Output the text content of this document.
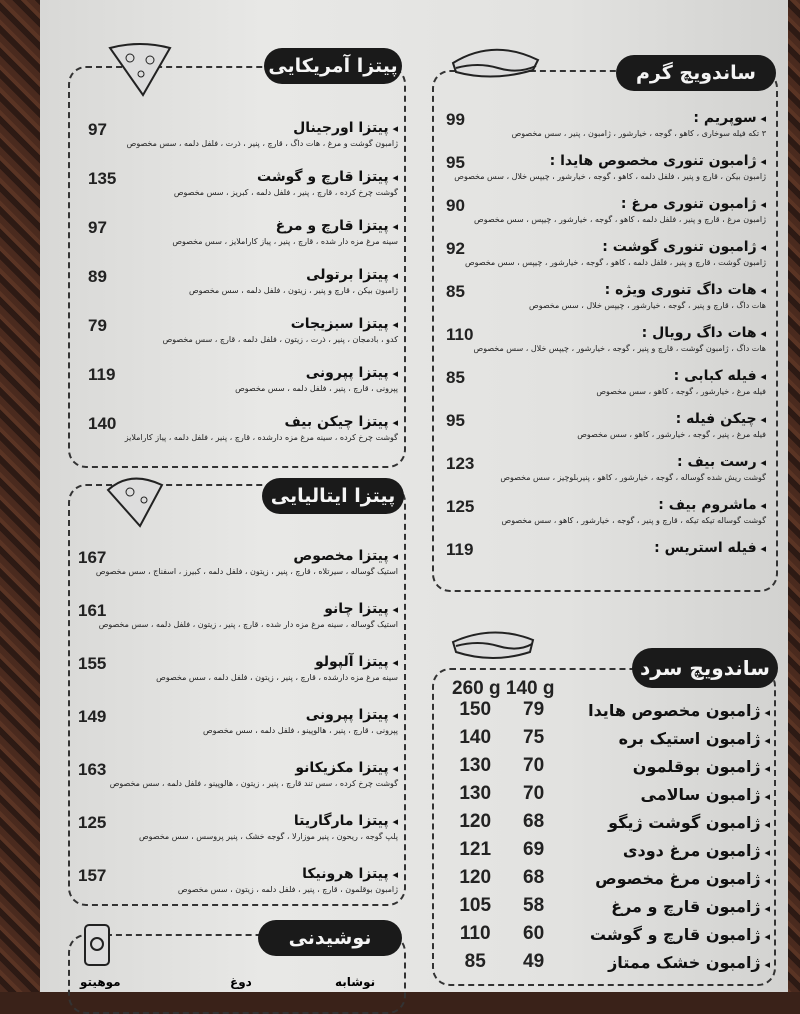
پیتزا آمریکایی
◂ پیتزا اورجینال
97
ژامبون گوشت و مرغ ، هات داگ ، قارچ ، پنیر ، ذرت ، فلفل دلمه ، سس مخصوص
◂ پیتزا قارچ و گوشت
135
گوشت چرخ کرده ، قارچ ، پنیر ، فلفل دلمه ، کبریز ، سس مخصوص
◂ پیتزا قارچ و مرغ
97
سینه مرغ مزه دار شده ، قارچ ، پنیر ، پیاز کاراملایز ، سس مخصوص
◂ پیتزا برتولی
89
ژامبون بیکن ، قارچ و پنیر ، زیتون ، فلفل دلمه ، سس مخصوص
◂ پیتزا سبزیجات
79
کدو ، بادمجان ، پنیر ، ذرت ، زیتون ، فلفل دلمه ، قارچ ، سس مخصوص
◂ پیتزا پپرونی
119
پپرونی ، قارچ ، پنیر ، فلفل دلمه ، سس مخصوص
◂ پیتزا چیکن بیف
140
گوشت چرخ کرده ، سینه مرغ مزه دارشده ، قارچ ، پنیر ، فلفل دلمه ، پیاز کاراملایز
پیتزا ایتالیایی
◂ پیتزا مخصوص
167
استیک گوساله ، سیرتلاه ، قارچ ، پنیر ، زیتون ، فلفل دلمه ، کبیرز ، اسفناج ، سس مخصوص
◂ پیتزا چانو
161
استیک گوساله ، سینه مرغ مزه دار شده ، قارچ ، پنیر ، زیتون ، فلفل دلمه ، سس مخصوص
◂ پیتزا آلپولو
155
سینه مرغ مزه دارشده ، قارچ ، پنیر ، زیتون ، فلفل دلمه ، سس مخصوص
◂ پیتزا پپرونی
149
پپرونی ، قارچ ، پنیر ، هالوپینو ، فلفل دلمه ، سس مخصوص
◂ پیتزا مکزیکانو
163
گوشت چرخ کرده ، سس تند قارچ ، پنیر ، زیتون ، هالوپینو ، فلفل دلمه ، سس مخصوص
◂ پیتزا مارگاریتا
125
پلپ گوجه ، ریحون ، پنیر موزارلا ، گوجه خشک ، پنیر پروسس ، سس مخصوص
◂ پیتزا هرونیکا
157
ژامبون بوقلمون ، قارچ ، پنیر ، فلفل دلمه ، زیتون ، سس مخصوص
نوشیدنی
موهیتو	دوغ	نوشابه
ساندویچ گرم
◂ سوپریم :
99
۳ تکه فیله سوخاری ، کاهو ، گوجه ، خیارشور ، ژامبون ، پنیر ، سس مخصوص
◂ ژامبون تنوری مخصوص هایدا :
95
ژامبون بیکن ، قارچ و پنیر ، فلفل دلمه ، کاهو ، گوجه ، خیارشور ، چیپس خلال ، سس مخصوص
◂ ژامبون تنوری مرغ :
90
ژامبون مرغ ، قارچ و پنیر ، فلفل دلمه ، کاهو ، گوجه ، خیارشور ، چیپس ، سس مخصوص
◂ ژامبون تنوری گوشت :
92
ژامبون گوشت ، قارچ و پنیر ، فلفل دلمه ، کاهو ، گوجه ، خیارشور ، چیپس ، سس مخصوص
◂ هات داگ تنوری ویژه :
85
هات داگ ، قارچ و پنیر ، گوجه ، خیارشور ، چیپس خلال ، سس مخصوص
◂ هات داگ رویال :
110
هات داگ ، ژامبون گوشت ، قارچ و پنیر ، گوجه ، خیارشور ، چیپس خلال ، سس مخصوص
◂ فیله کبابی :
85
فیله مرغ ، خیارشور ، گوجه ، کاهو ، سس مخصوص
◂ چیکن فیله :
95
فیله مرغ ، پنیر ، گوجه ، خیارشور ، کاهو ، سس مخصوص
◂ رست بیف :
123
گوشت ریش شده گوساله ، گوجه ، خیارشور ، کاهو ، پنیربلوچیز ، سس مخصوص
◂ ماشروم بیف :
125
گوشت گوساله تیکه تیکه ، قارچ و پنیر ، گوجه ، خیارشور ، کاهو ، سس مخصوص
◂ فیله استریس :
119
ساندویچ سرد
260 g 140 g
◂ ژامبون مخصوص هایدا
79
150
◂ ژامبون استیک بره
75
140
◂ ژامبون بوقلمون
70
130
◂ ژامبون سالامی
70
130
◂ ژامبون گوشت ژیگو
68
120
◂ ژامبون مرغ دودی
69
121
◂ ژامبون مرغ مخصوص
68
120
◂ ژامبون قارچ و مرغ
58
105
◂ ژامبون قارچ و گوشت
60
110
◂ ژامبون خشک ممتاز
49
85
